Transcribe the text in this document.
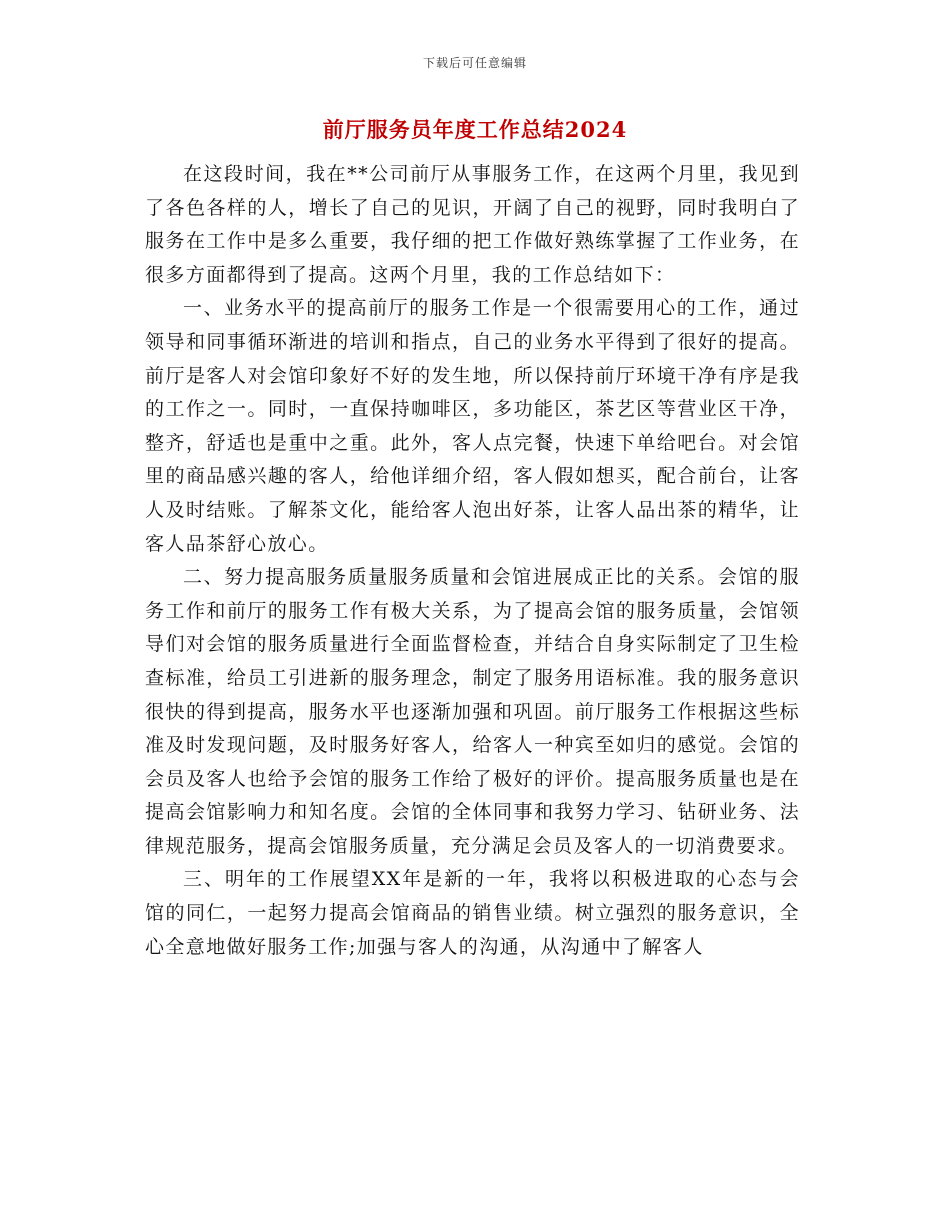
下载后可任意编辑
前厅服务员年度工作总结2024

在这段时间，我在**公司前厅从事服务工作，在这两个月里，我见到了各色各样的人，增长了自己的见识，开阔了自己的视野，同时我明白了服务在工作中是多么重要，我仔细的把工作做好熟练掌握了工作业务，在很多方面都得到了提高。这两个月里，我的工作总结如下：

一、业务水平的提高前厅的服务工作是一个很需要用心的工作，通过领导和同事循环渐进的培训和指点，自己的业务水平得到了很好的提高。前厅是客人对会馆印象好不好的发生地，所以保持前厅环境干净有序是我的工作之一。同时，一直保持咖啡区，多功能区，茶艺区等营业区干净，整齐，舒适也是重中之重。此外，客人点完餐，快速下单给吧台。对会馆里的商品感兴趣的客人，给他详细介绍，客人假如想买，配合前台，让客人及时结账。了解茶文化，能给客人泡出好茶，让客人品出茶的精华，让客人品茶舒心放心。

二、努力提高服务质量服务质量和会馆进展成正比的关系。会馆的服务工作和前厅的服务工作有极大关系，为了提高会馆的服务质量，会馆领导们对会馆的服务质量进行全面监督检查，并结合自身实际制定了卫生检查标准，给员工引进新的服务理念，制定了服务用语标准。我的服务意识很快的得到提高，服务水平也逐渐加强和巩固。前厅服务工作根据这些标准及时发现问题，及时服务好客人，给客人一种宾至如归的感觉。会馆的会员及客人也给予会馆的服务工作给了极好的评价。提高服务质量也是在提高会馆影响力和知名度。会馆的全体同事和我努力学习、钻研业务、法律规范服务，提高会馆服务质量，充分满足会员及客人的一切消费要求。

三、明年的工作展望XX年是新的一年，我将以积极进取的心态与会馆的同仁，一起努力提高会馆商品的销售业绩。树立强烈的服务意识，全心全意地做好服务工作;加强与客人的沟通，从沟通中了解客人
